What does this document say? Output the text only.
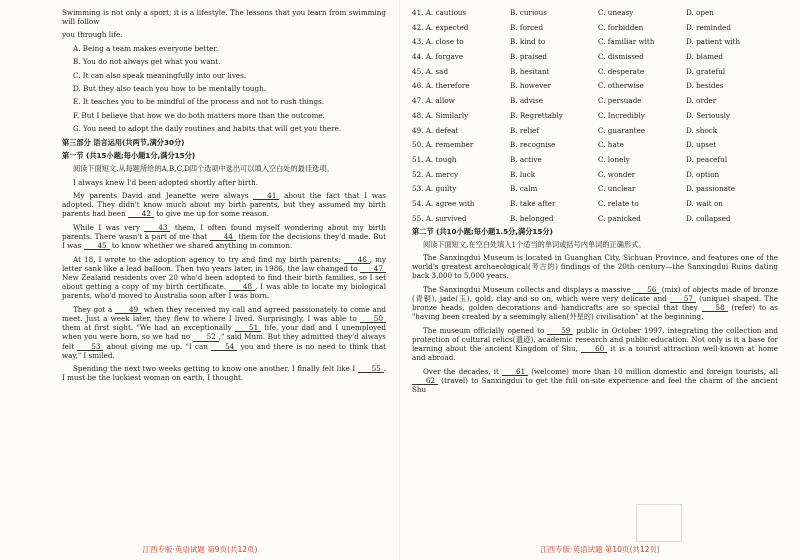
Swimming is not only a sport; it is a lifestyle. The lessons that you learn from swimming will follow

you through life.

A. Being a team makes everyone better.
B. You do not always get what you want.
C. It can also speak meaningfully into our lives.
D. But they also teach you how to be mentally tough.
E. It teaches you to be mindful of the process and not to rush things.
F. But I believe that how we do both matters more than the outcome.
G. You need to adopt the daily routines and habits that will get you there.
第三部分 语言运用(共两节,满分30分)
第一节 (共15小题;每小题1分,满分15分)

阅读下面短文,从每题所给的A,B,C,D四个选项中选出可以填入空白处的最佳选项。

I always knew I'd been adopted shortly after birth.

My parents David and Jeanette were always	41 about the fact that I was adopted. They didn't know much about my birth parents, but they assumed my birth parents had been 42 to give me up for some reason.

While I was very	43 them, I often found myself wondering about my birth parents. There wasn't a part of me that 44 them for the decisions they'd made. But I was 45 to know whether we shared anything in common.

At 18, I wrote to the adoption agency to try and find my birth parents; 46 , my letter sank like a lead balloon. Then two years later, in 1986, the law changed to 47 New Zealand residents over 20 who'd been adopted to find their birth families, so I set about getting a copy of my birth certificate. 48 , I was able to locate my biological parents, who'd moved to Australia soon after I was born.

They got a 49 when they received my call and agreed passionately to come and meet. Just a week later, they flew to where I lived. Surprisingly, I was able to 50 them at first sight. "We had an exceptionally 51 life, your dad and I unemployed when you were born, so we had no 52 ," said Mum. But they admitted they'd always felt 53 about giving me up. "I can 54 you and there is no need to think that way," I smiled.

Spending the next two weeks getting to know one another, I finally felt like I 55 . I must be the luckiest woman on earth, I thought.

江西专版·英语试题 第9页(共12页)
41. A. cautious	B. curious	C. uneasy	D. open
42. A. expected	B. forced	C. forbidden	D. reminded
43. A. close to	B. kind to	C. familiar with	D. patient with
44. A. forgave	B. praised	C. dismissed	D. blamed
45. A. sad	B. hesitant	C. desperate	D. grateful
46. A. therefore	B. however	C. otherwise	D. besides
47. A. allow	B. advise	C. persuade	D. order
48. A. Similarly	B. Regrettably	C. Incredibly	D. Seriously
49. A. defeat	B. relief	C. guarantee	D. shock
50. A. remember	B. recognise	C. hate	D. upset
51. A. tough	B. active	C. lonely	D. peaceful
52. A. mercy	B. luck	C. wonder	D. option
53. A. guilty	B. calm	C. unclear	D. passionate
54. A. agree with	B. take after	C. relate to	D. wait on
55. A. survived	B. belonged	C. panicked	D. collapsed
第二节 (共10小题;每小题1.5分,满分15分)

阅读下面短文,在空白处填入1个适当的单词或括号内单词的正确形式。

The Sanxingdui Museum is located in Guanghan City, Sichuan Province, and features one of the world's greatest archaeological(考古的) findings of the 20th century—the Sanxingdui Ruins dating back 3,000 to 5,000 years.

The Sanxingdui Museum collects and displays a massive 56 (mix) of objects made of bronze (青铜), jade(玉), gold, clay and so on, which were very delicate and 57 (unique) shaped. The bronze heads, golden decorations and handicrafts are so special that they 58 (refer) to as "having been created by a seemingly alien(外星的) civilisation" at the beginning.

The museum officially opened to 59 public in October 1997, integrating the collection and protection of cultural relics(遗迹), academic research and public education. Not only is it a base for learning about the ancient Kingdom of Shu, 60 it is a tourist attraction well-known at home and abroad.

Over the decades, it 61 (welcome) more than 10 million domestic and foreign tourists, all 62 (travel) to Sanxingdui to get the full on-site experience and feel the charm of the ancient Shu

江西专版·英语试题 第10页(共12页)
